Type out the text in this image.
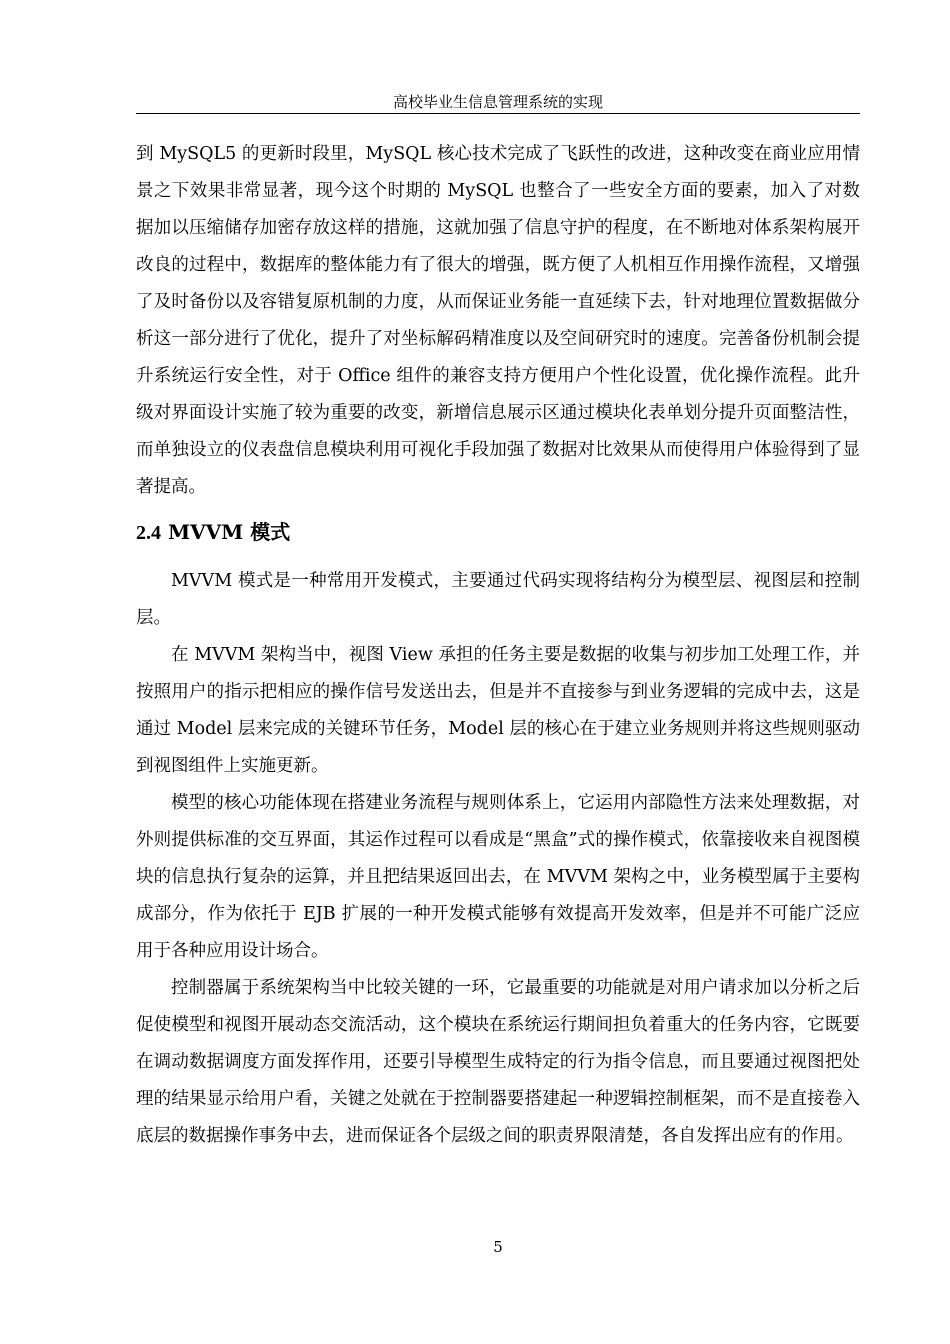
高校毕业生信息管理系统的实现

到 MySQL5 的更新时段里，MySQL 核心技术完成了飞跃性的改进，这种改变在商业应用情景之下效果非常显著，现今这个时期的 MySQL 也整合了一些安全方面的要素，加入了对数据加以压缩储存加密存放这样的措施，这就加强了信息守护的程度，在不断地对体系架构展开改良的过程中，数据库的整体能力有了很大的增强，既方便了人机相互作用操作流程，又增强了及时备份以及容错复原机制的力度，从而保证业务能一直延续下去，针对地理位置数据做分析这一部分进行了优化，提升了对坐标解码精准度以及空间研究时的速度。完善备份机制会提升系统运行安全性，对于 Office 组件的兼容支持方便用户个性化设置，优化操作流程。此升级对界面设计实施了较为重要的改变，新增信息展示区通过模块化表单划分提升页面整洁性，而单独设立的仪表盘信息模块利用可视化手段加强了数据对比效果从而使得用户体验得到了显著提高。

2.4 MVVM 模式

MVVM 模式是一种常用开发模式，主要通过代码实现将结构分为模型层、视图层和控制层。

在 MVVM 架构当中，视图 View 承担的任务主要是数据的收集与初步加工处理工作，并按照用户的指示把相应的操作信号发送出去，但是并不直接参与到业务逻辑的完成中去，这是通过 Model 层来完成的关键环节任务，Model 层的核心在于建立业务规则并将这些规则驱动到视图组件上实施更新。

模型的核心功能体现在搭建业务流程与规则体系上，它运用内部隐性方法来处理数据，对外则提供标准的交互界面，其运作过程可以看成是“黑盒”式的操作模式，依靠接收来自视图模块的信息执行复杂的运算，并且把结果返回出去，在 MVVM 架构之中，业务模型属于主要构成部分，作为依托于 EJB 扩展的一种开发模式能够有效提高开发效率，但是并不可能广泛应用于各种应用设计场合。

控制器属于系统架构当中比较关键的一环，它最重要的功能就是对用户请求加以分析之后促使模型和视图开展动态交流活动，这个模块在系统运行期间担负着重大的任务内容，它既要在调动数据调度方面发挥作用，还要引导模型生成特定的行为指令信息，而且要通过视图把处理的结果显示给用户看，关键之处就在于控制器要搭建起一种逻辑控制框架，而不是直接卷入底层的数据操作事务中去，进而保证各个层级之间的职责界限清楚，各自发挥出应有的作用。

5
